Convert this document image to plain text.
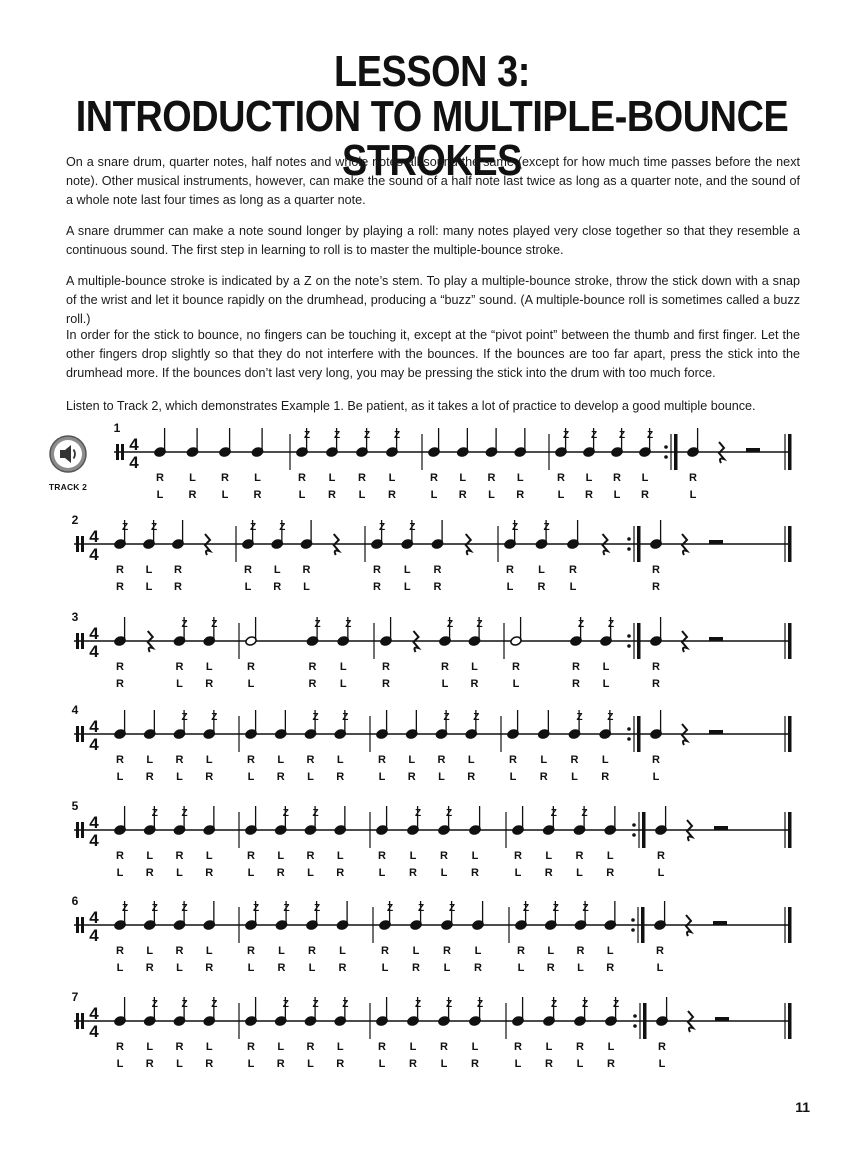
LESSON 3:
INTRODUCTION TO MULTIPLE-BOUNCE STROKES

On a snare drum, quarter notes, half notes and whole notes all sound the same (except for how much time passes before the next note). Other musical instruments, however, can make the sound of a half note last twice as long as a quarter note, and the sound of a whole note last four times as long as a quarter note.

A snare drummer can make a note sound longer by playing a roll: many notes played very close together so that they resemble a continuous sound. The first step in learning to roll is to master the multiple-bounce stroke.

A multiple-bounce stroke is indicated by a Z on the note’s stem. To play a multiple-bounce stroke, throw the stick down with a snap of the wrist and let it bounce rapidly on the drumhead, producing a “buzz” sound. (A multiple-bounce roll is sometimes called a buzz roll.)

In order for the stick to bounce, no fingers can be touching it, except at the “pivot point” between the thumb and first finger. Let the other fingers drop slightly so that they do not interfere with the bounces. If the bounces are too far apart, press the stick into the drumhead more. If the bounces don’t last very long, you may be pressing the stick into the drum with too much force.

Listen to Track 2, which demonstrates Example 1. Be patient, as it takes a lot of practice to develop a good multiple bounce.

TRACK 2
1
4
4
R
L
L
R
R
L
L
R
Z
R
L
Z
L
R
Z
R
L
Z
L
R
R
L
L
R
R
L
L
R
Z
R
L
Z
L
R
Z
R
L
Z
L
R
R
L
2
4
4
Z
R
R
Z
L
L
R
R
Z
R
L
Z
L
R
R
L
Z
R
R
Z
L
L
R
R
Z
R
L
Z
L
R
R
L
R
R
3
4
4
R
R
Z
R
L
Z
L
R
R
L
Z
R
R
Z
L
L
R
R
Z
R
L
Z
L
R
R
L
Z
R
R
Z
L
L
R
R
4
4
4
R
L
L
R
Z
R
L
Z
L
R
R
L
L
R
Z
R
L
Z
L
R
R
L
L
R
Z
R
L
Z
L
R
R
L
L
R
Z
R
L
Z
L
R
R
L
5
4
4
R
L
Z
L
R
Z
R
L
L
R
R
L
Z
L
R
Z
R
L
L
R
R
L
Z
L
R
Z
R
L
L
R
R
L
Z
L
R
Z
R
L
L
R
R
L
6
4
4
Z
R
L
Z
L
R
Z
R
L
L
R
Z
R
L
Z
L
R
Z
R
L
L
R
Z
R
L
Z
L
R
Z
R
L
L
R
Z
R
L
Z
L
R
Z
R
L
L
R
R
L
7
4
4
R
L
Z
L
R
Z
R
L
Z
L
R
R
L
Z
L
R
Z
R
L
Z
L
R
R
L
Z
L
R
Z
R
L
Z
L
R
R
L
Z
L
R
Z
R
L
Z
L
R
R
L
11
